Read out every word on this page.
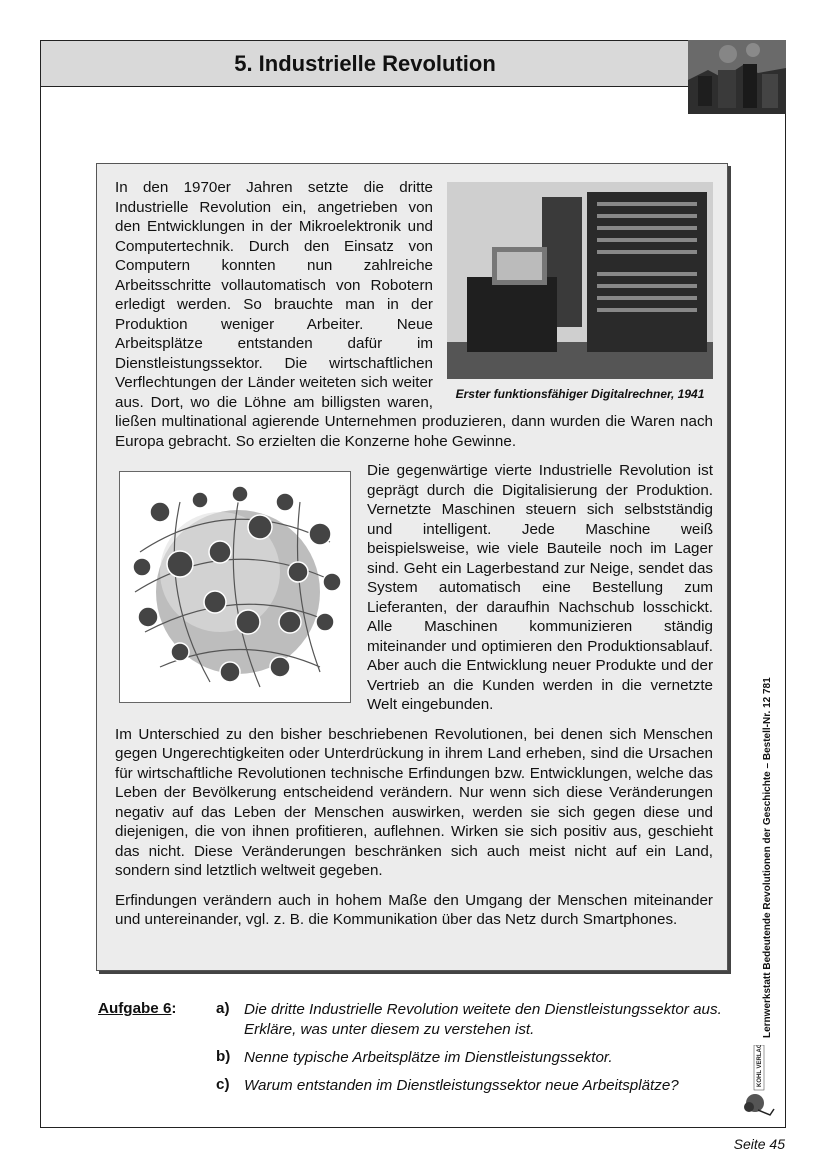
5. Industrielle Revolution
Erster funktionsfähiger Digitalrechner, 1941

In den 1970er Jahren setzte die dritte Industrielle Revolution ein, angetrieben von den Entwicklungen in der Mikroelektronik und Computertechnik. Durch den Einsatz von Computern konnten nun zahlreiche Arbeitsschritte vollautomatisch von Robotern erledigt werden. So brauchte man in der Produktion weniger Arbeiter. Neue Arbeitsplätze entstanden dafür im Dienstleistungssektor. Die wirtschaftlichen Verflechtungen der Länder weiteten sich weiter aus. Dort, wo die Löhne am billigsten waren, ließen multinational agierende Unternehmen produzieren, dann wurden die Waren nach Europa gebracht. So erzielten die Konzerne hohe Gewinne.

Die gegenwärtige vierte Industrielle Revolution ist geprägt durch die Digitalisierung der Produktion. Vernetzte Maschinen steuern sich selbstständig und intelligent. Jede Maschine weiß beispielsweise, wie viele Bauteile noch im Lager sind. Geht ein Lagerbestand zur Neige, sendet das System automatisch eine Bestellung zum Lieferanten, der daraufhin Nachschub losschickt. Alle Maschinen kommunizieren ständig miteinander und optimieren den Produktionsablauf. Aber auch die Entwicklung neuer Produkte und der Vertrieb an die Kunden werden in die vernetzte Welt eingebunden.

Im Unterschied zu den bisher beschriebenen Revolutionen, bei denen sich Menschen gegen Ungerechtigkeiten oder Unterdrückung in ihrem Land erheben, sind die Ursachen für wirtschaftliche Revolutionen technische Erfindungen bzw. Entwicklungen, welche das Leben der Bevölkerung entscheidend verändern. Nur wenn sich diese Veränderungen negativ auf das Leben der Menschen auswirken, werden sie sich gegen diese und diejenigen, die von ihnen profitieren, auflehnen. Wirken sie sich positiv aus, geschieht das nicht. Diese Veränderungen beschränken sich auch meist nicht auf ein Land, sondern sind letztlich weltweit gegeben.

Erfindungen verändern auch in hohem Maße den Umgang der Menschen miteinander und untereinander, vgl. z. B. die Kommunikation über das Netz durch Smartphones.

Aufgabe 6:	a) Die dritte Industrielle Revolution weitete den Dienstleistungssektor aus. Erkläre, was unter diesem zu verstehen ist.
b) Nenne typische Arbeitsplätze im Dienstleistungssektor.
c) Warum entstanden im Dienstleistungssektor neue Arbeitsplätze?
Lernwerkstatt Bedeutende Revolutionen der Geschichte – Bestell-Nr. 12 781
KOHL VERLAG
Seite 45
